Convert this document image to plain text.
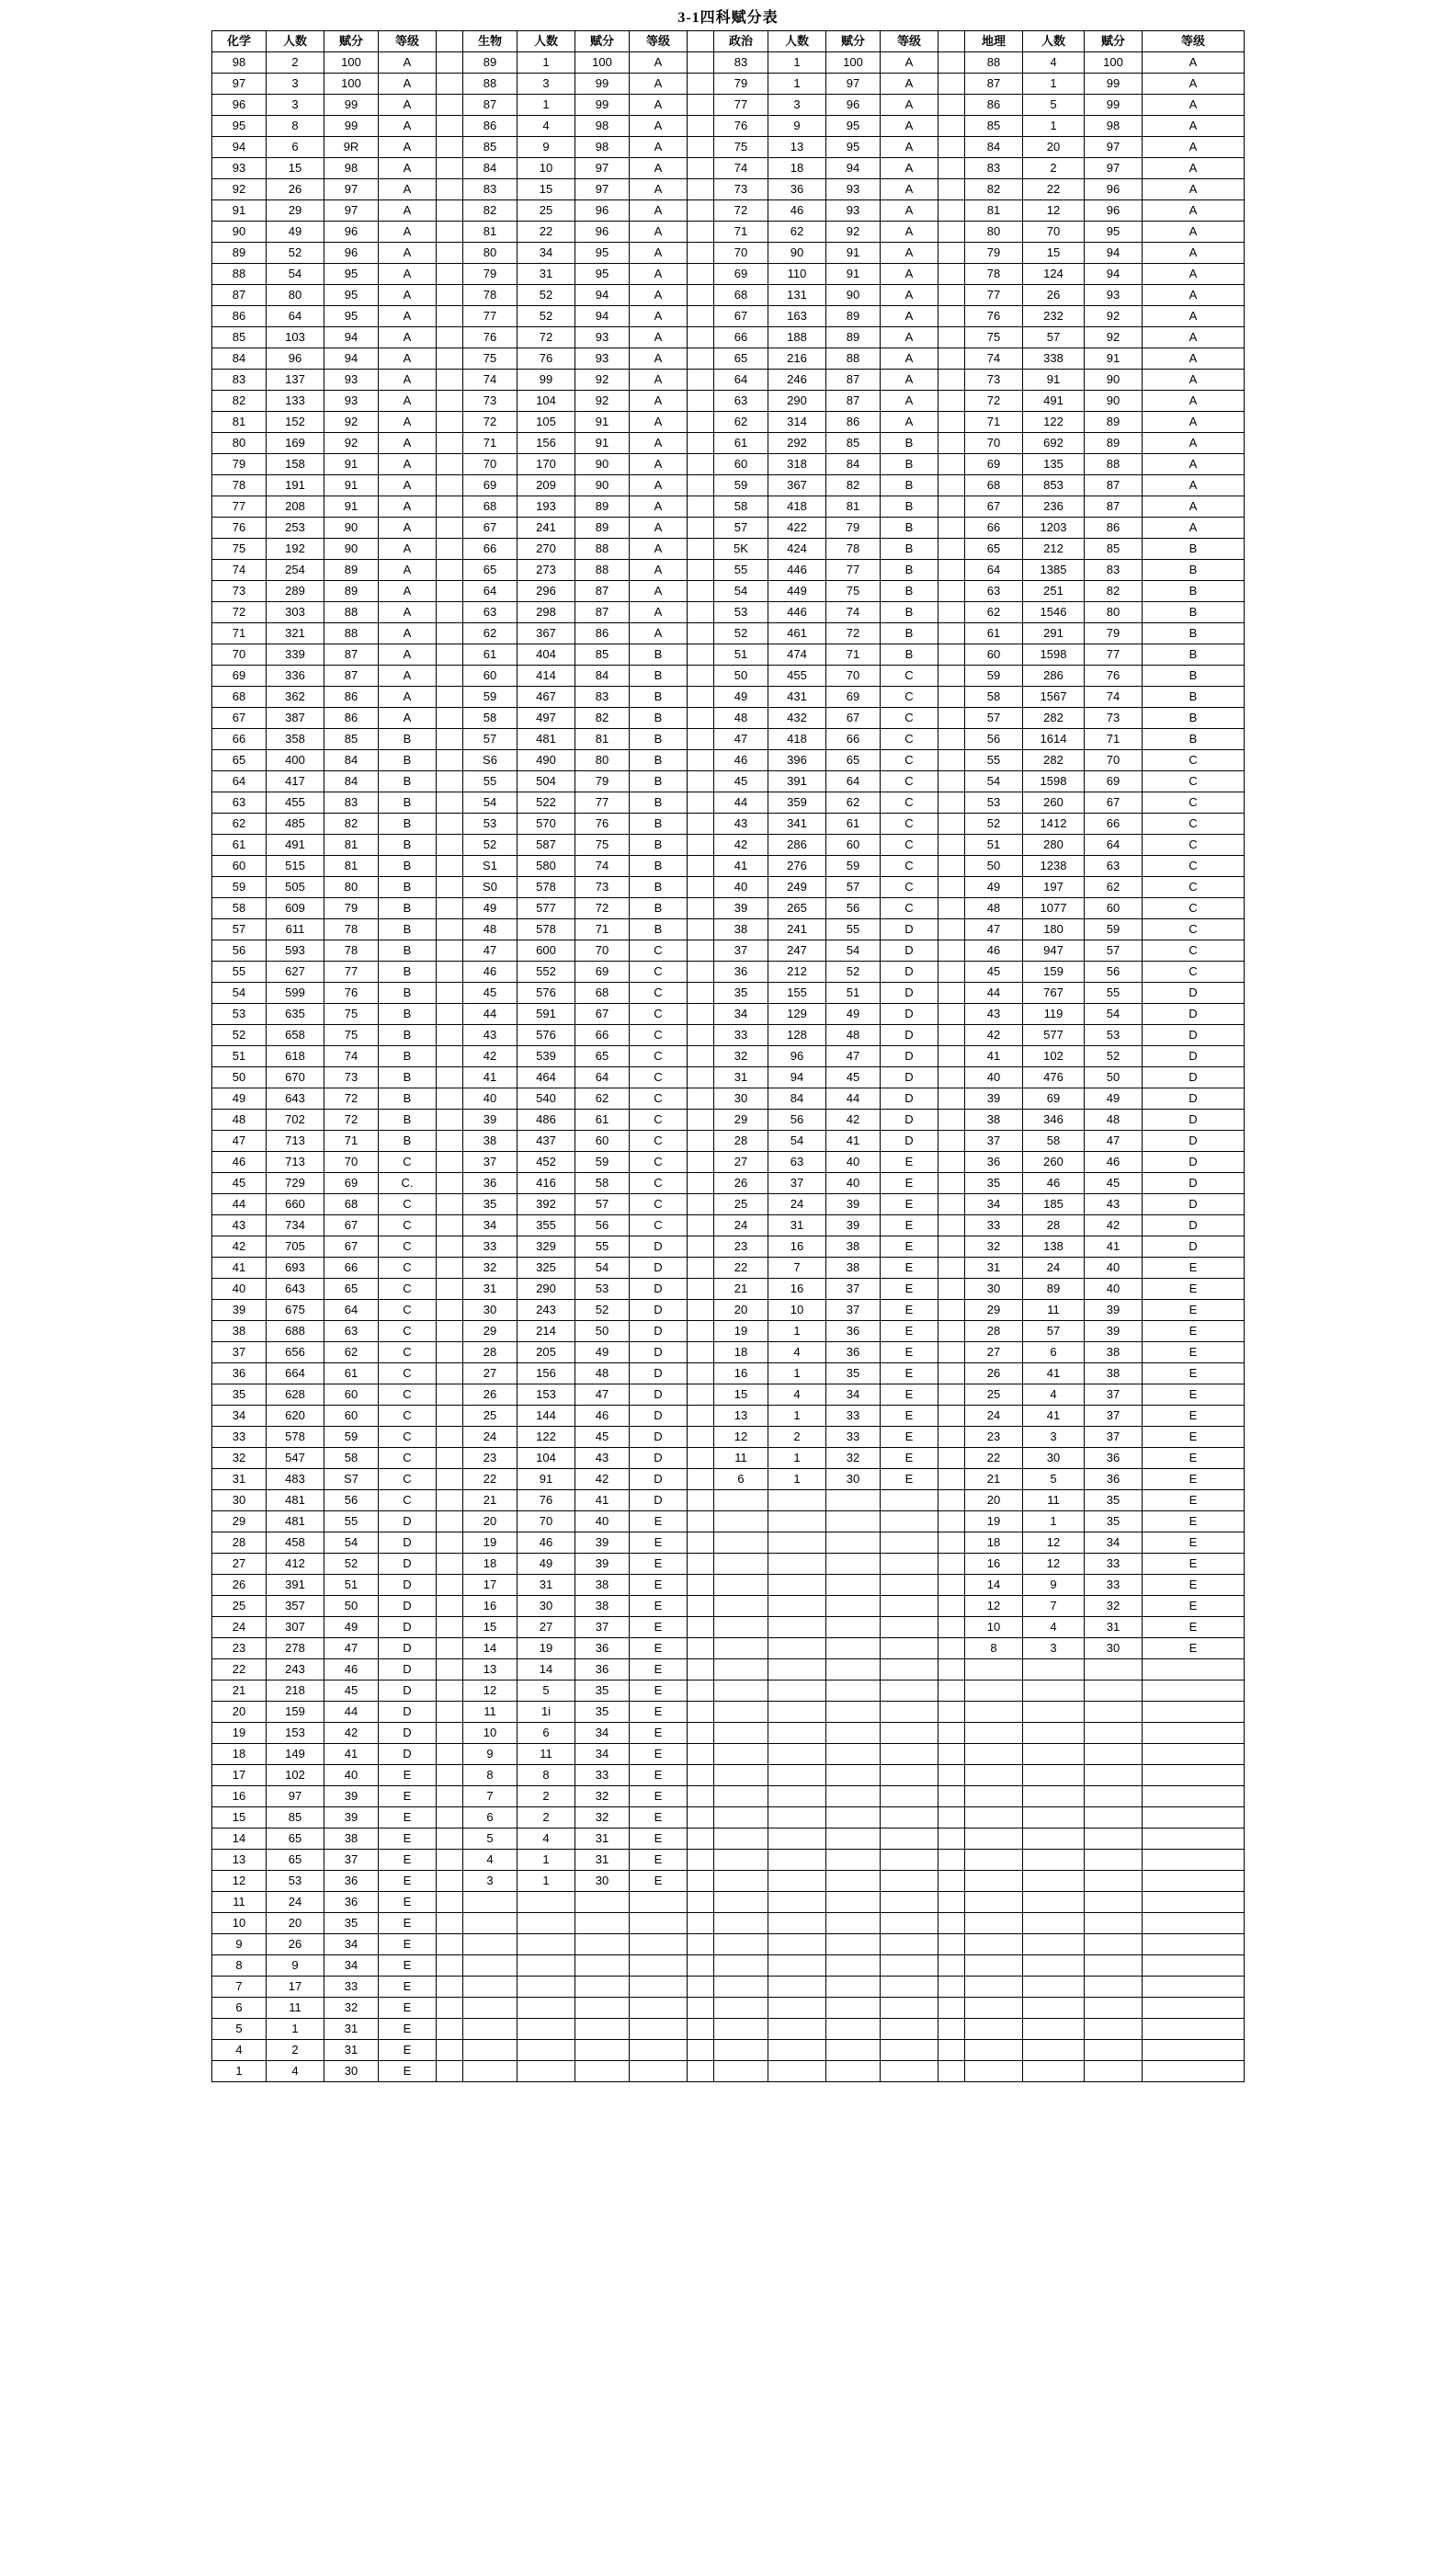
3-1四科赋分表
化学	人数	赋分	等级		生物	人数	赋分	等级		政治	人数	赋分	等级		地理	人数	赋分	等级
98	2	100	A		89	1	100	A		83	1	100	A		88	4	100	A
97	3	100	A		88	3	99	A		79	1	97	A		87	1	99	A
96	3	99	A		87	1	99	A		77	3	96	A		86	5	99	A
95	8	99	A		86	4	98	A		76	9	95	A		85	1	98	A
94	6	9R	A		85	9	98	A		75	13	95	A		84	20	97	A
93	15	98	A		84	10	97	A		74	18	94	A		83	2	97	A
92	26	97	A		83	15	97	A		73	36	93	A		82	22	96	A
91	29	97	A		82	25	96	A		72	46	93	A		81	12	96	A
90	49	96	A		81	22	96	A		71	62	92	A		80	70	95	A
89	52	96	A		80	34	95	A		70	90	91	A		79	15	94	A
88	54	95	A		79	31	95	A		69	110	91	A		78	124	94	A
87	80	95	A		78	52	94	A		68	131	90	A		77	26	93	A
86	64	95	A		77	52	94	A		67	163	89	A		76	232	92	A
85	103	94	A		76	72	93	A		66	188	89	A		75	57	92	A
84	96	94	A		75	76	93	A		65	216	88	A		74	338	91	A
83	137	93	A		74	99	92	A		64	246	87	A		73	91	90	A
82	133	93	A		73	104	92	A		63	290	87	A		72	491	90	A
81	152	92	A		72	105	91	A		62	314	86	A		71	122	89	A
80	169	92	A		71	156	91	A		61	292	85	B		70	692	89	A
79	158	91	A		70	170	90	A		60	318	84	B		69	135	88	A
78	191	91	A		69	209	90	A		59	367	82	B		68	853	87	A
77	208	91	A		68	193	89	A		58	418	81	B		67	236	87	A
76	253	90	A		67	241	89	A		57	422	79	B		66	1203	86	A
75	192	90	A		66	270	88	A		5K	424	78	B		65	212	85	B
74	254	89	A		65	273	88	A		55	446	77	B		64	1385	83	B
73	289	89	A		64	296	87	A		54	449	75	B		63	251	82	B
72	303	88	A		63	298	87	A		53	446	74	B		62	1546	80	B
71	321	88	A		62	367	86	A		52	461	72	B		61	291	79	B
70	339	87	A		61	404	85	B		51	474	71	B		60	1598	77	B
69	336	87	A		60	414	84	B		50	455	70	C		59	286	76	B
68	362	86	A		59	467	83	B		49	431	69	C		58	1567	74	B
67	387	86	A		58	497	82	B		48	432	67	C		57	282	73	B
66	358	85	B		57	481	81	B		47	418	66	C		56	1614	71	B
65	400	84	B		S6	490	80	B		46	396	65	C		55	282	70	C
64	417	84	B		55	504	79	B		45	391	64	C		54	1598	69	C
63	455	83	B		54	522	77	B		44	359	62	C		53	260	67	C
62	485	82	B		53	570	76	B		43	341	61	C		52	1412	66	C
61	491	81	B		52	587	75	B		42	286	60	C		51	280	64	C
60	515	81	B		S1	580	74	B		41	276	59	C		50	1238	63	C
59	505	80	B		S0	578	73	B		40	249	57	C		49	197	62	C
58	609	79	B		49	577	72	B		39	265	56	C		48	1077	60	C
57	611	78	B		48	578	71	B		38	241	55	D		47	180	59	C
56	593	78	B		47	600	70	C		37	247	54	D		46	947	57	C
55	627	77	B		46	552	69	C		36	212	52	D		45	159	56	C
54	599	76	B		45	576	68	C		35	155	51	D		44	767	55	D
53	635	75	B		44	591	67	C		34	129	49	D		43	119	54	D
52	658	75	B		43	576	66	C		33	128	48	D		42	577	53	D
51	618	74	B		42	539	65	C		32	96	47	D		41	102	52	D
50	670	73	B		41	464	64	C		31	94	45	D		40	476	50	D
49	643	72	B		40	540	62	C		30	84	44	D		39	69	49	D
48	702	72	B		39	486	61	C		29	56	42	D		38	346	48	D
47	713	71	B		38	437	60	C		28	54	41	D		37	58	47	D
46	713	70	C		37	452	59	C		27	63	40	E		36	260	46	D
45	729	69	C.		36	416	58	C		26	37	40	E		35	46	45	D
44	660	68	C		35	392	57	C		25	24	39	E		34	185	43	D
43	734	67	C		34	355	56	C		24	31	39	E		33	28	42	D
42	705	67	C		33	329	55	D		23	16	38	E		32	138	41	D
41	693	66	C		32	325	54	D		22	7	38	E		31	24	40	E
40	643	65	C		31	290	53	D		21	16	37	E		30	89	40	E
39	675	64	C		30	243	52	D		20	10	37	E		29	11	39	E
38	688	63	C		29	214	50	D		19	1	36	E		28	57	39	E
37	656	62	C		28	205	49	D		18	4	36	E		27	6	38	E
36	664	61	C		27	156	48	D		16	1	35	E		26	41	38	E
35	628	60	C		26	153	47	D		15	4	34	E		25	4	37	E
34	620	60	C		25	144	46	D		13	1	33	E		24	41	37	E
33	578	59	C		24	122	45	D		12	2	33	E		23	3	37	E
32	547	58	C		23	104	43	D		11	1	32	E		22	30	36	E
31	483	S7	C		22	91	42	D		6	1	30	E		21	5	36	E
30	481	56	C		21	76	41	D							20	11	35	E
29	481	55	D		20	70	40	E							19	1	35	E
28	458	54	D		19	46	39	E							18	12	34	E
27	412	52	D		18	49	39	E							16	12	33	E
26	391	51	D		17	31	38	E							14	9	33	E
25	357	50	D		16	30	38	E							12	7	32	E
24	307	49	D		15	27	37	E							10	4	31	E
23	278	47	D		14	19	36	E							8	3	30	E
22	243	46	D		13	14	36	E										
21	218	45	D		12	5	35	E										
20	159	44	D		11	1i	35	E										
19	153	42	D		10	6	34	E										
18	149	41	D		9	11	34	E										
17	102	40	E		8	8	33	E										
16	97	39	E		7	2	32	E										
15	85	39	E		6	2	32	E										
14	65	38	E		5	4	31	E										
13	65	37	E		4	1	31	E										
12	53	36	E		3	1	30	E										
11	24	36	E															
10	20	35	E															
9	26	34	E															
8	9	34	E															
7	17	33	E															
6	11	32	E															
5	1	31	E															
4	2	31	E															
1	4	30	E															
